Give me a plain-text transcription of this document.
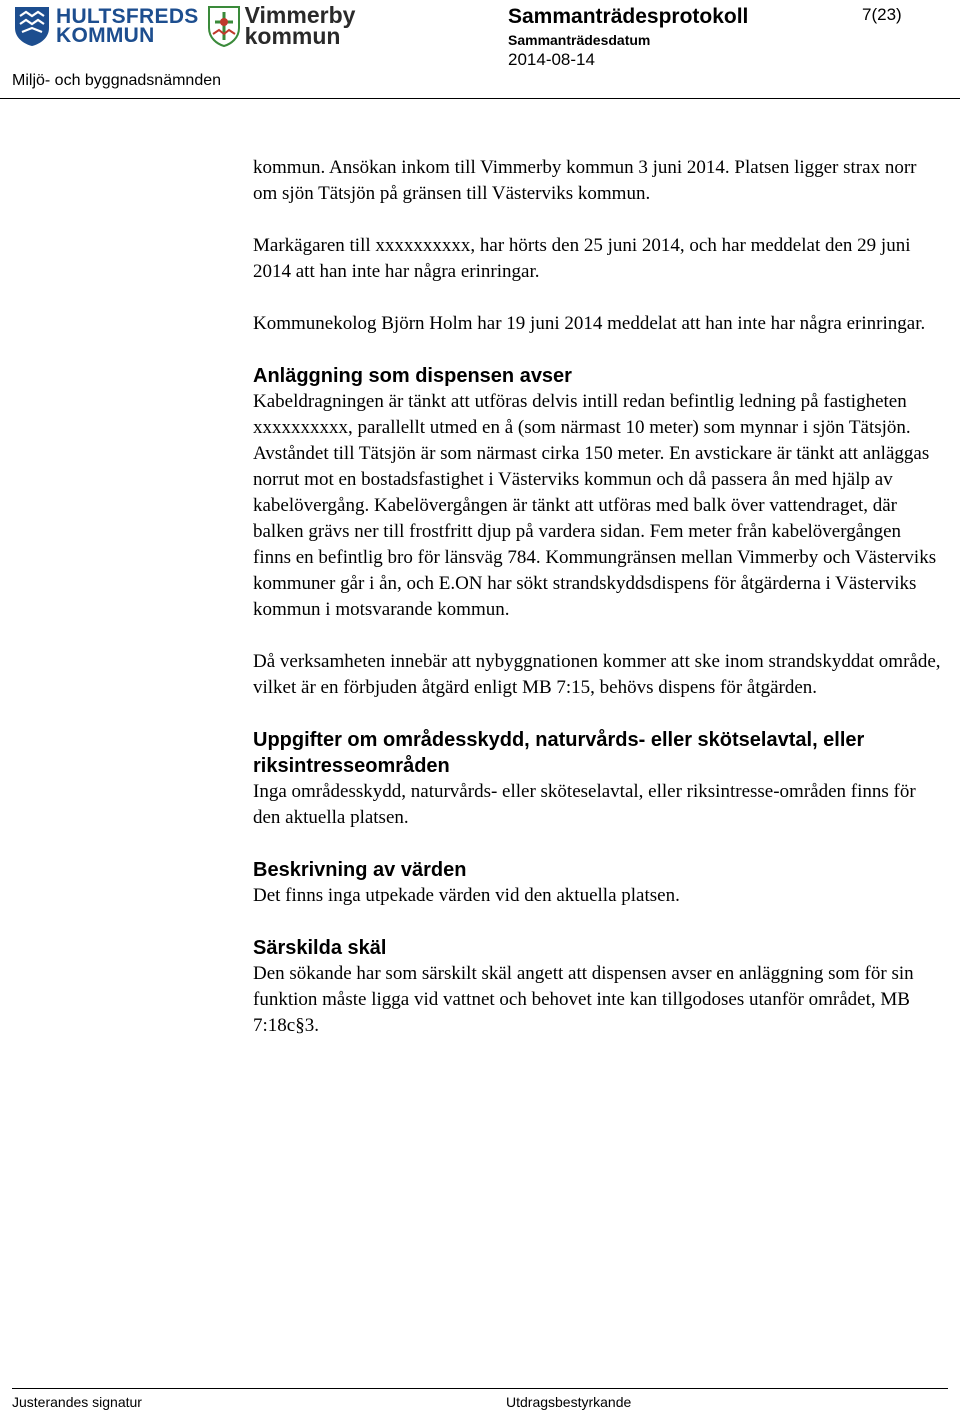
HULTSFREDS
KOMMUN
Vimmerby
kommun
Sammanträdesprotokoll
Sammanträdesdatum
2014-08-14
7(23)
Miljö- och byggnadsnämnden

kommun. Ansökan inkom till Vimmerby kommun 3 juni 2014. Platsen ligger strax norr om sjön Tätsjön på gränsen till Västerviks kommun.

Markägaren till xxxxxxxxxx, har hörts den 25 juni 2014, och har meddelat den 29 juni 2014 att han inte har några erinringar.

Kommunekolog Björn Holm har 19 juni 2014 meddelat att han inte har några erinringar.

Anläggning som dispensen avser

Kabeldragningen är tänkt att utföras delvis intill redan befintlig ledning på fastigheten xxxxxxxxxx, parallellt utmed en å (som närmast 10 meter) som mynnar i sjön Tätsjön. Avståndet till Tätsjön är som närmast cirka 150 meter. En avstickare är tänkt att anläggas norrut mot en bostadsfastighet i Västerviks kommun och då passera ån med hjälp av kabelövergång. Kabelövergången är tänkt att utföras med balk över vattendraget, där balken grävs ner till frostfritt djup på vardera sidan. Fem meter från kabelövergången finns en befintlig bro för länsväg 784. Kommungränsen mellan Vimmerby och Västerviks kommuner går i ån, och E.ON har sökt strandskyddsdispens för åtgärderna i Västerviks kommun i motsvarande kommun.

Då verksamheten innebär att nybyggnationen kommer att ske inom strandskyddat område, vilket är en förbjuden åtgärd enligt MB 7:15, behövs dispens för åtgärden.

Uppgifter om områdesskydd, naturvårds- eller skötselavtal, eller riksintresseområden

Inga områdesskydd, naturvårds- eller sköteselavtal, eller riksintresse-områden finns för den aktuella platsen.

Beskrivning av värden

Det finns inga utpekade värden vid den aktuella platsen.

Särskilda skäl

Den sökande har som särskilt skäl angett att dispensen avser en anläggning som för sin funktion måste ligga vid vattnet och behovet inte kan tillgodoses utanför området, MB 7:18c§3.

Justerandes signatur	Utdragsbestyrkande
